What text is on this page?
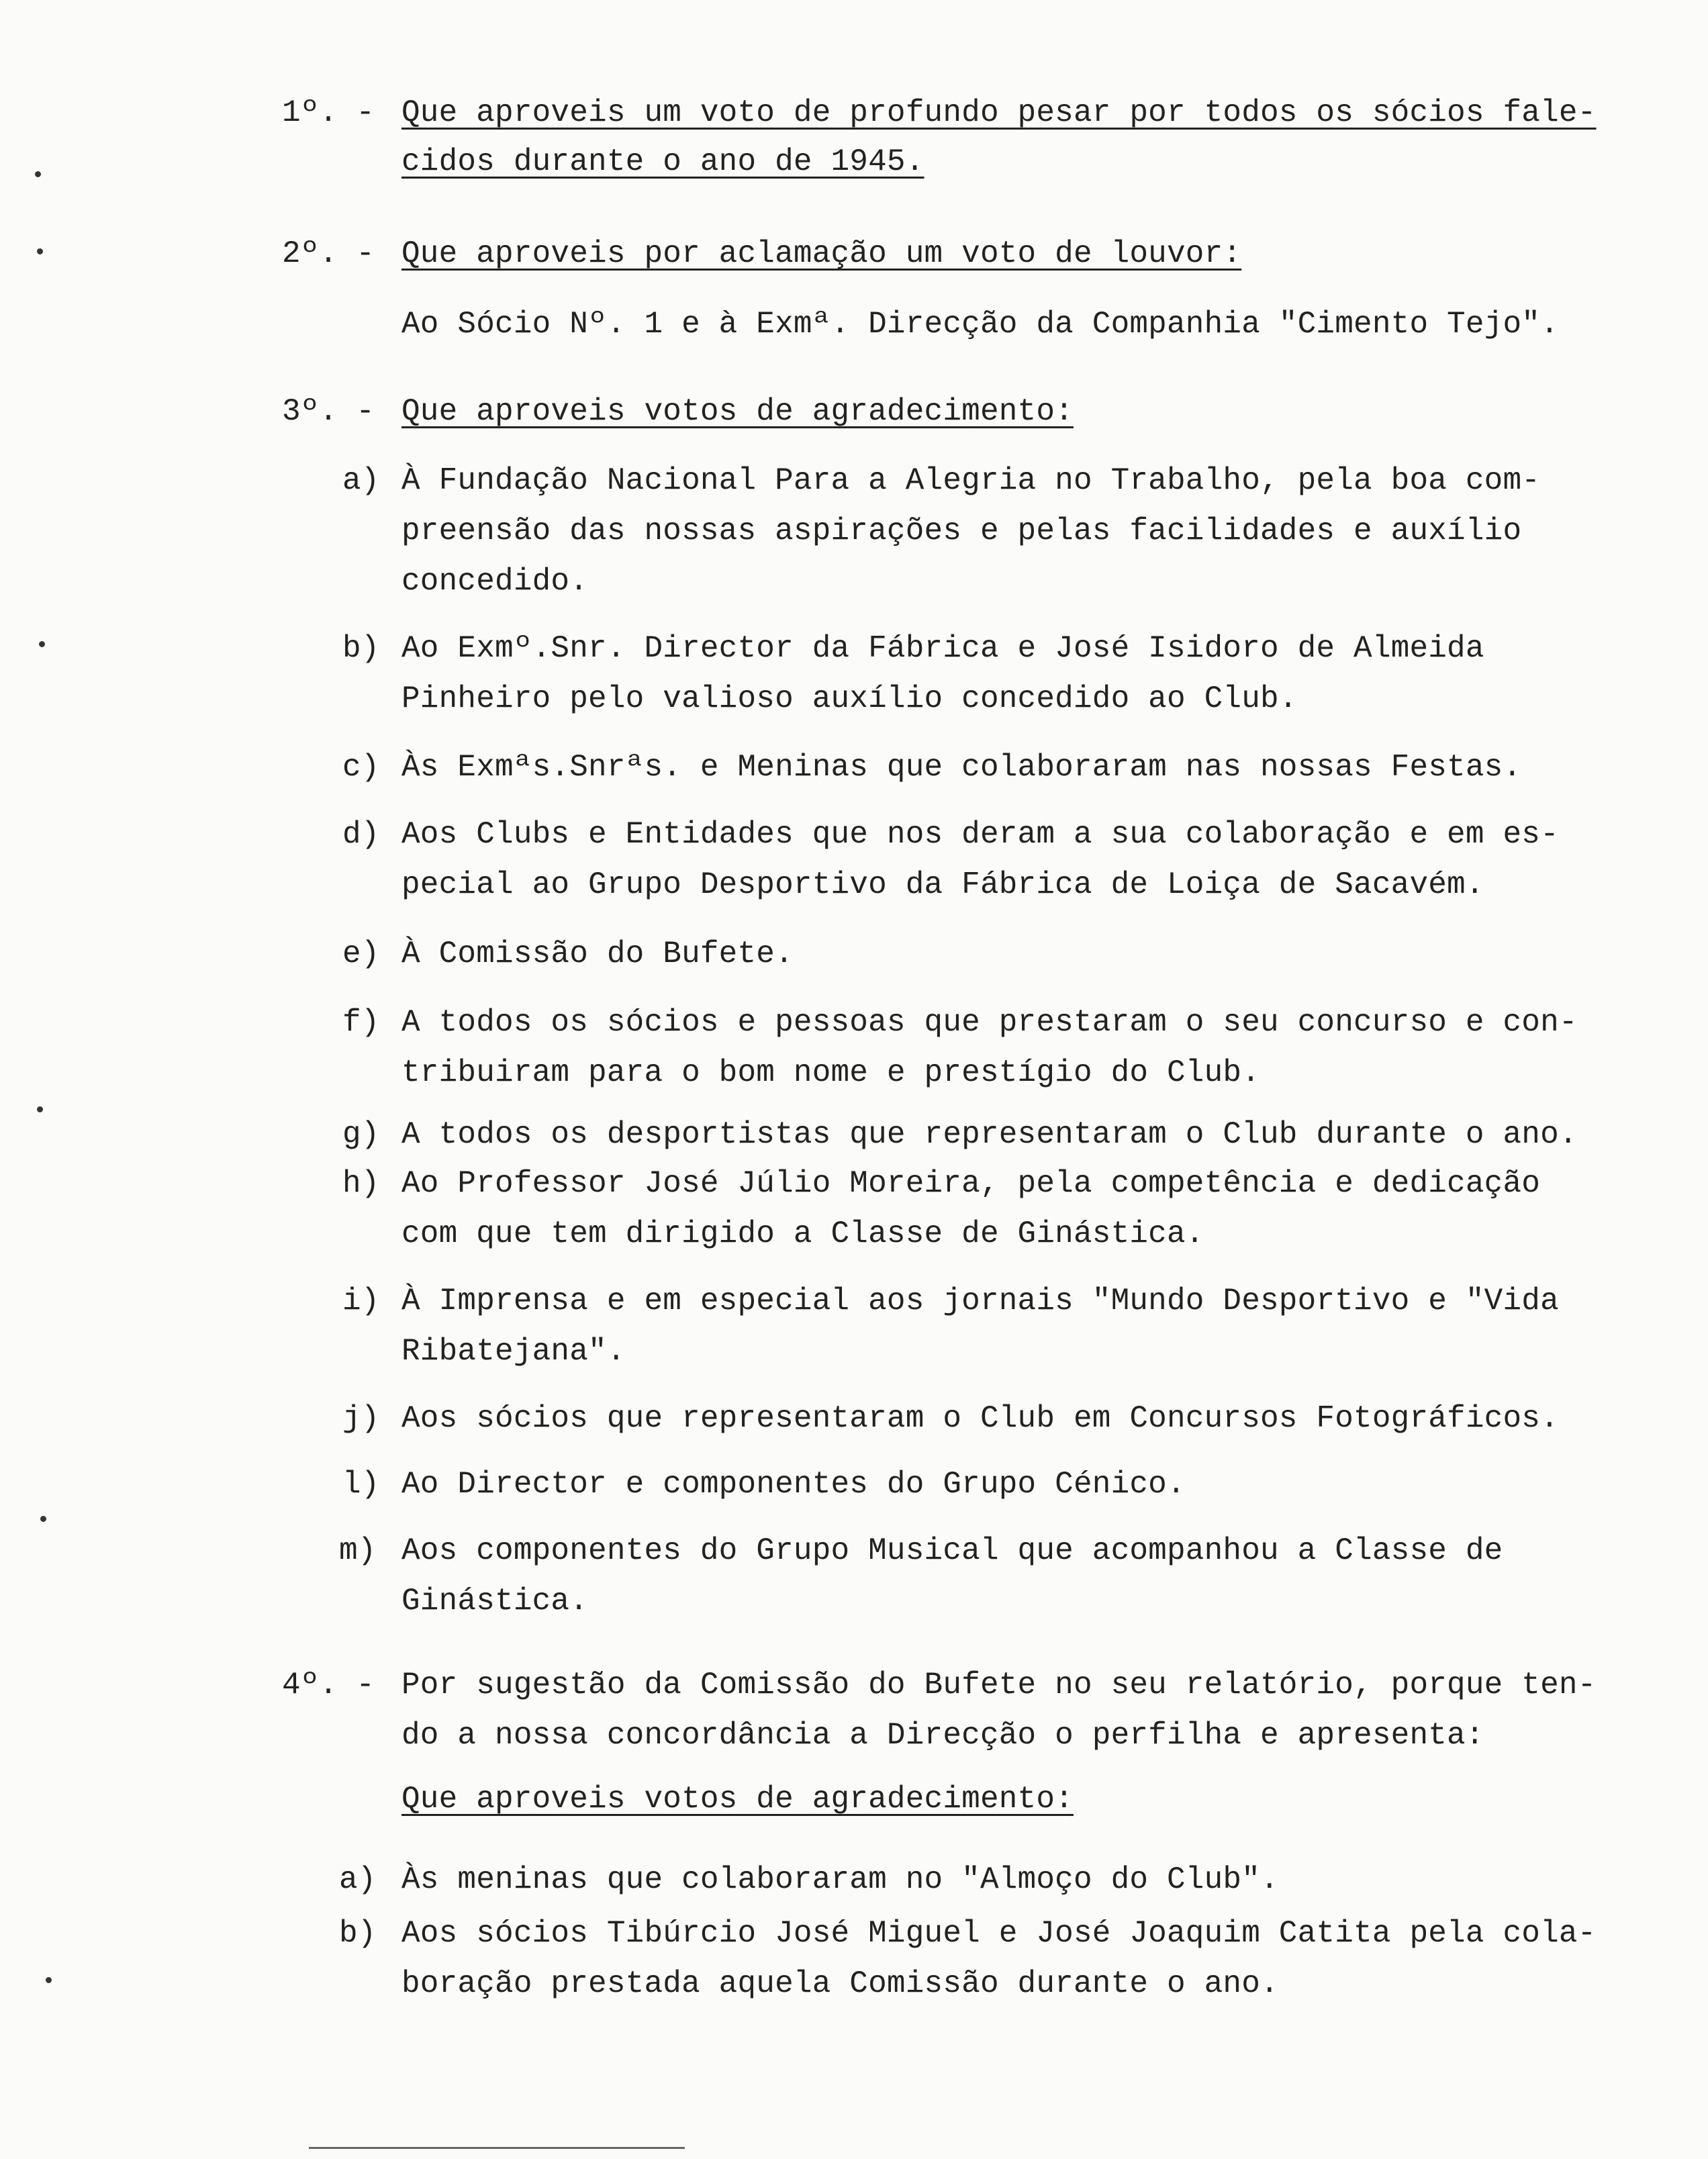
1º. - Que aproveis um voto de profundo pesar por todos os sócios fale-
cidos durante o ano de 1945.
2º. - Que aproveis por aclamação um voto de louvor:
Ao Sócio Nº. 1 e à Exmª. Direcção da Companhia "Cimento Tejo".
3º. - Que aproveis votos de agradecimento:
a) À Fundação Nacional Para a Alegria no Trabalho, pela boa com-
preensão das nossas aspirações e pelas facilidades e auxílio
concedido.
b) Ao Exmº.Snr. Director da Fábrica e José Isidoro de Almeida
Pinheiro pelo valioso auxílio concedido ao Club.
c) Às Exmªs.Snrªs. e Meninas que colaboraram nas nossas Festas.
d) Aos Clubs e Entidades que nos deram a sua colaboração e em es-
pecial ao Grupo Desportivo da Fábrica de Loiça de Sacavém.
e) À Comissão do Bufete.
f) A todos os sócios e pessoas que prestaram o seu concurso e con-
tribuiram para o bom nome e prestígio do Club.
g) A todos os desportistas que representaram o Club durante o ano.
h) Ao Professor José Júlio Moreira, pela competência e dedicação
com que tem dirigido a Classe de Ginástica.
i) À Imprensa e em especial aos jornais "Mundo Desportivo e "Vida
Ribatejana".
j) Aos sócios que representaram o Club em Concursos Fotográficos.
l) Ao Director e componentes do Grupo Cénico.
m) Aos componentes do Grupo Musical que acompanhou a Classe de
Ginástica.
4º. - Por sugestão da Comissão do Bufete no seu relatório, porque ten-
do a nossa concordância a Direcção o perfilha e apresenta:
Que aproveis votos de agradecimento:
a) Às meninas que colaboraram no "Almoço do Club".
b) Aos sócios Tibúrcio José Miguel e José Joaquim Catita pela cola-
boração prestada aquela Comissão durante o ano.
